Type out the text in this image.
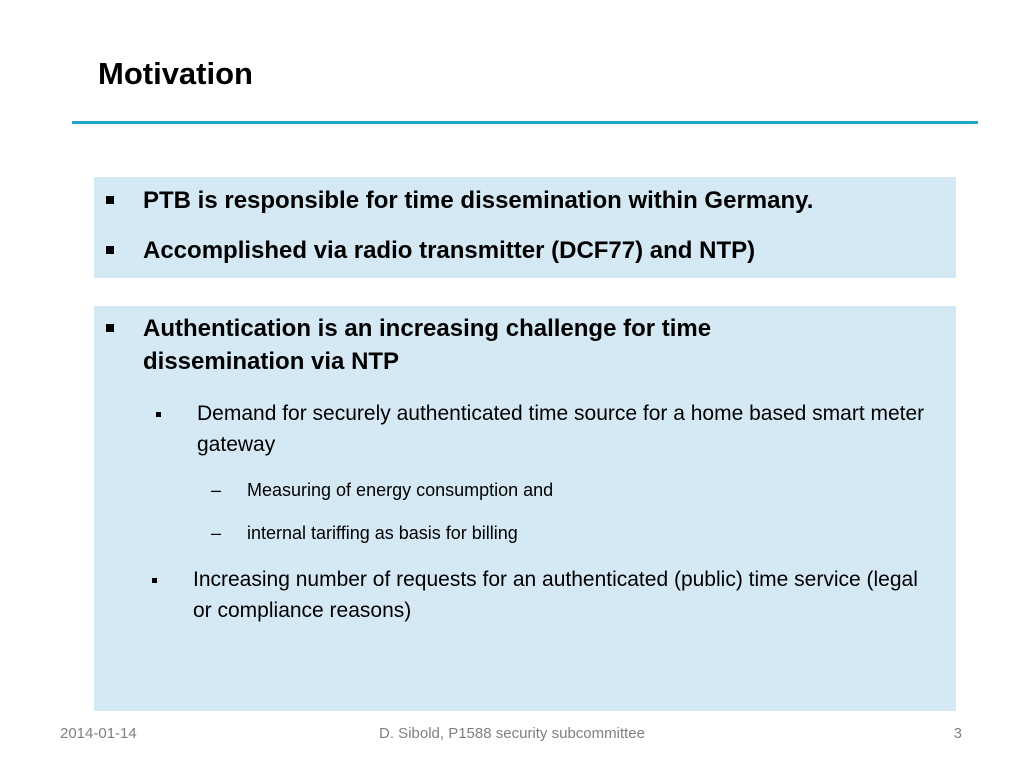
Motivation

PTB is responsible for time dissemination within Germany.

Accomplished via radio transmitter (DCF77) and NTP)

Authentication is an increasing challenge for time dissemination via NTP

Demand for securely authenticated time source for a home based smart meter gateway

– Measuring of energy consumption and

– internal tariffing as basis for billing

Increasing number of requests for an authenticated (public) time service (legal or compliance reasons)

2014-01-14	D. Sibold, P1588 security subcommittee	3
